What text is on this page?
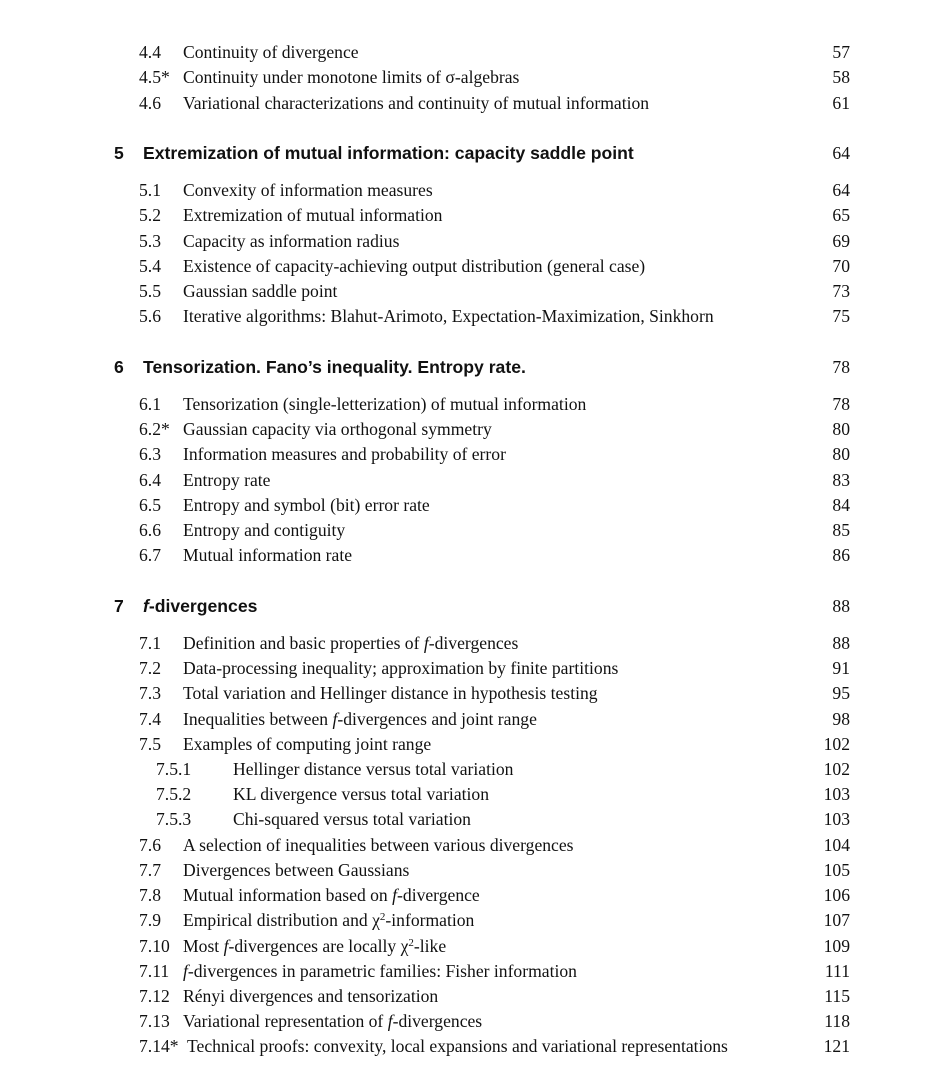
4.4 Continuity of divergence	57
4.5* Continuity under monotone limits of σ-algebras	58
4.6 Variational characterizations and continuity of mutual information	61
5 Extremization of mutual information: capacity saddle point	64
5.1 Convexity of information measures	64
5.2 Extremization of mutual information	65
5.3 Capacity as information radius	69
5.4 Existence of capacity-achieving output distribution (general case)	70
5.5 Gaussian saddle point	73
5.6 Iterative algorithms: Blahut-Arimoto, Expectation-Maximization, Sinkhorn	75
6 Tensorization. Fano’s inequality. Entropy rate.	78
6.1 Tensorization (single-letterization) of mutual information	78
6.2* Gaussian capacity via orthogonal symmetry	80
6.3 Information measures and probability of error	80
6.4 Entropy rate	83
6.5 Entropy and symbol (bit) error rate	84
6.6 Entropy and contiguity	85
6.7 Mutual information rate	86
7 f-divergences	88
7.1 Definition and basic properties of f-divergences	88
7.2 Data-processing inequality; approximation by finite partitions	91
7.3 Total variation and Hellinger distance in hypothesis testing	95
7.4 Inequalities between f-divergences and joint range	98
7.5 Examples of computing joint range	102
7.5.1 Hellinger distance versus total variation	102
7.5.2 KL divergence versus total variation	103
7.5.3 Chi-squared versus total variation	103
7.6 A selection of inequalities between various divergences	104
7.7 Divergences between Gaussians	105
7.8 Mutual information based on f-divergence	106
7.9 Empirical distribution and $\chi^2$-information	107
7.10 Most f-divergences are locally $\chi^2$-like	109
7.11 f-divergences in parametric families: Fisher information	111
7.12 Rényi divergences and tensorization	115
7.13 Variational representation of f-divergences	118
7.14* Technical proofs: convexity, local expansions and variational representations	121
